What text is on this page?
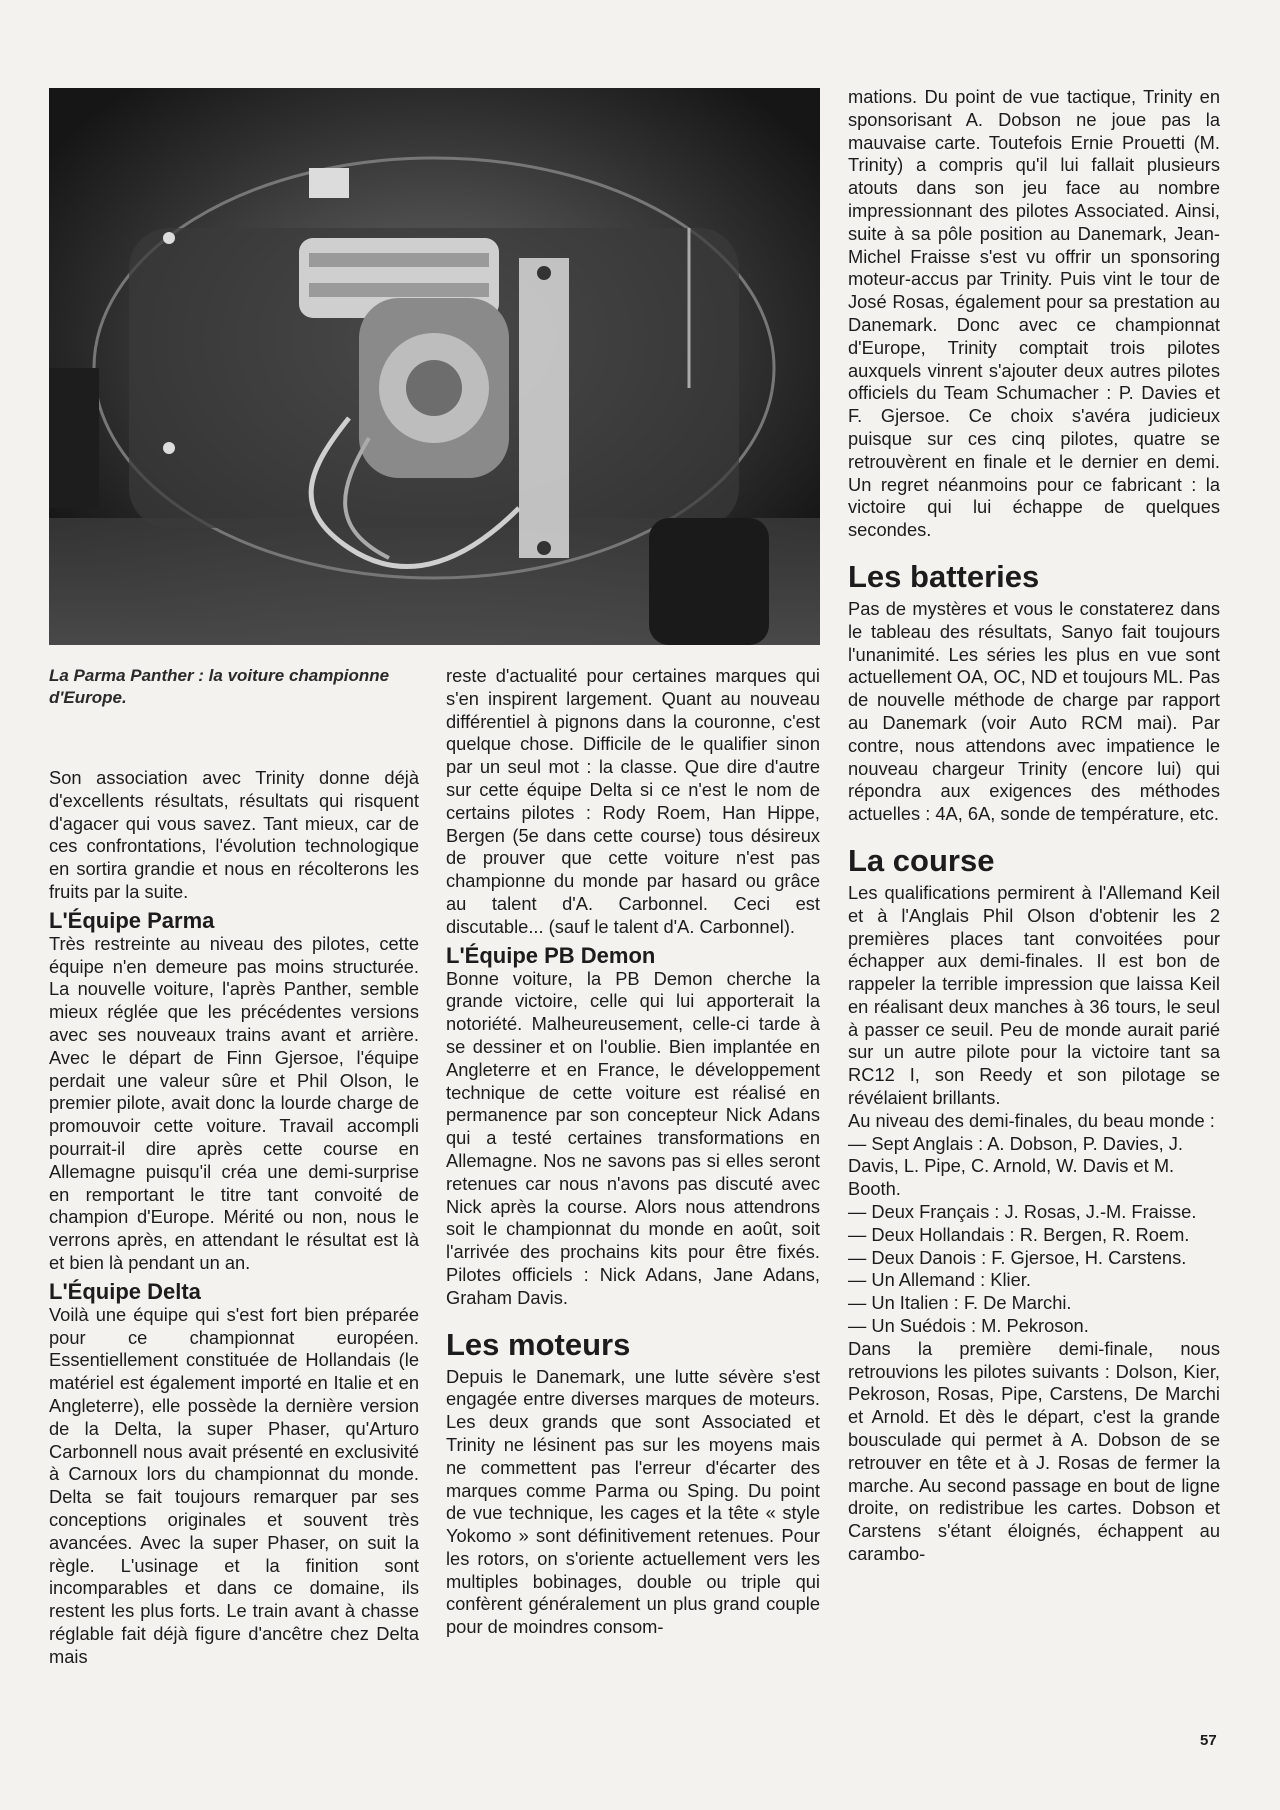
La Parma Panther : la voiture championne d'Europe.

Son association avec Trinity donne déjà d'excellents résultats, résultats qui risquent d'agacer qui vous savez. Tant mieux, car de ces confrontations, l'évolution technologique en sortira grandie et nous en récolterons les fruits par la suite.

L'Équipe Parma

Très restreinte au niveau des pilotes, cette équipe n'en demeure pas moins structurée. La nouvelle voiture, l'après Panther, semble mieux réglée que les précédentes versions avec ses nouveaux trains avant et arrière. Avec le départ de Finn Gjersoe, l'équipe perdait une valeur sûre et Phil Olson, le premier pilote, avait donc la lourde charge de promouvoir cette voiture. Travail accompli pourrait-il dire après cette course en Allemagne puisqu'il créa une demi-surprise en remportant le titre tant convoité de champion d'Europe. Mérité ou non, nous le verrons après, en attendant le résultat est là et bien là pendant un an.

L'Équipe Delta

Voilà une équipe qui s'est fort bien préparée pour ce championnat européen. Essentiellement constituée de Hollandais (le matériel est également importé en Italie et en Angleterre), elle possède la dernière version de la Delta, la super Phaser, qu'Arturo Carbonnell nous avait présenté en exclusivité à Carnoux lors du championnat du monde. Delta se fait toujours remarquer par ses conceptions originales et souvent très avancées. Avec la super Phaser, on suit la règle. L'usinage et la finition sont incomparables et dans ce domaine, ils restent les plus forts. Le train avant à chasse réglable fait déjà figure d'ancêtre chez Delta mais

reste d'actualité pour certaines marques qui s'en inspirent largement. Quant au nouveau différentiel à pignons dans la couronne, c'est quelque chose. Difficile de le qualifier sinon par un seul mot : la classe. Que dire d'autre sur cette équipe Delta si ce n'est le nom de certains pilotes : Rody Roem, Han Hippe, Bergen (5e dans cette course) tous désireux de prouver que cette voiture n'est pas championne du monde par hasard ou grâce au talent d'A. Carbonnel. Ceci est discutable... (sauf le talent d'A. Carbonnel).

L'Équipe PB Demon

Bonne voiture, la PB Demon cherche la grande victoire, celle qui lui apporterait la notoriété. Malheureusement, celle-ci tarde à se dessiner et on l'oublie. Bien implantée en Angleterre et en France, le développement technique de cette voiture est réalisé en permanence par son concepteur Nick Adans qui a testé certaines transformations en Allemagne. Nos ne savons pas si elles seront retenues car nous n'avons pas discuté avec Nick après la course. Alors nous attendrons soit le championnat du monde en août, soit l'arrivée des prochains kits pour être fixés. Pilotes officiels : Nick Adans, Jane Adans, Graham Davis.

Les moteurs

Depuis le Danemark, une lutte sévère s'est engagée entre diverses marques de moteurs. Les deux grands que sont Associated et Trinity ne lésinent pas sur les moyens mais ne commettent pas l'erreur d'écarter des marques comme Parma ou Sping. Du point de vue technique, les cages et la tête « style Yokomo » sont définitivement retenues. Pour les rotors, on s'oriente actuellement vers les multiples bobinages, double ou triple qui confèrent généralement un plus grand couple pour de moindres consom-

mations. Du point de vue tactique, Trinity en sponsorisant A. Dobson ne joue pas la mauvaise carte. Toutefois Ernie Prouetti (M. Trinity) a compris qu'il lui fallait plusieurs atouts dans son jeu face au nombre impressionnant des pilotes Associated. Ainsi, suite à sa pôle position au Danemark, Jean-Michel Fraisse s'est vu offrir un sponsoring moteur-accus par Trinity. Puis vint le tour de José Rosas, également pour sa prestation au Danemark. Donc avec ce championnat d'Europe, Trinity comptait trois pilotes auxquels vinrent s'ajouter deux autres pilotes officiels du Team Schumacher : P. Davies et F. Gjersoe. Ce choix s'avéra judicieux puisque sur ces cinq pilotes, quatre se retrouvèrent en finale et le dernier en demi. Un regret néanmoins pour ce fabricant : la victoire qui lui échappe de quelques secondes.

Les batteries

Pas de mystères et vous le constaterez dans le tableau des résultats, Sanyo fait toujours l'unanimité. Les séries les plus en vue sont actuellement OA, OC, ND et toujours ML. Pas de nouvelle méthode de charge par rapport au Danemark (voir Auto RCM mai). Par contre, nous attendons avec impatience le nouveau chargeur Trinity (encore lui) qui répondra aux exigences des méthodes actuelles : 4A, 6A, sonde de température, etc.

La course

Les qualifications permirent à l'Allemand Keil et à l'Anglais Phil Olson d'obtenir les 2 premières places tant convoitées pour échapper aux demi-finales. Il est bon de rappeler la terrible impression que laissa Keil en réalisant deux manches à 36 tours, le seul à passer ce seuil. Peu de monde aurait parié sur un autre pilote pour la victoire tant sa RC12 I, son Reedy et son pilotage se révélaient brillants.

Au niveau des demi-finales, du beau monde :

— Sept Anglais : A. Dobson, P. Davies, J. Davis, L. Pipe, C. Arnold, W. Davis et M. Booth.

— Deux Français : J. Rosas, J.-M. Fraisse.

— Deux Hollandais : R. Bergen, R. Roem.

— Deux Danois : F. Gjersoe, H. Carstens.

— Un Allemand : Klier.

— Un Italien : F. De Marchi.

— Un Suédois : M. Pekroson.

Dans la première demi-finale, nous retrouvions les pilotes suivants : Dolson, Kier, Pekroson, Rosas, Pipe, Carstens, De Marchi et Arnold. Et dès le départ, c'est la grande bousculade qui permet à A. Dobson de se retrouver en tête et à J. Rosas de fermer la marche. Au second passage en bout de ligne droite, on redistribue les cartes. Dobson et Carstens s'étant éloignés, échappent au carambo-

57
